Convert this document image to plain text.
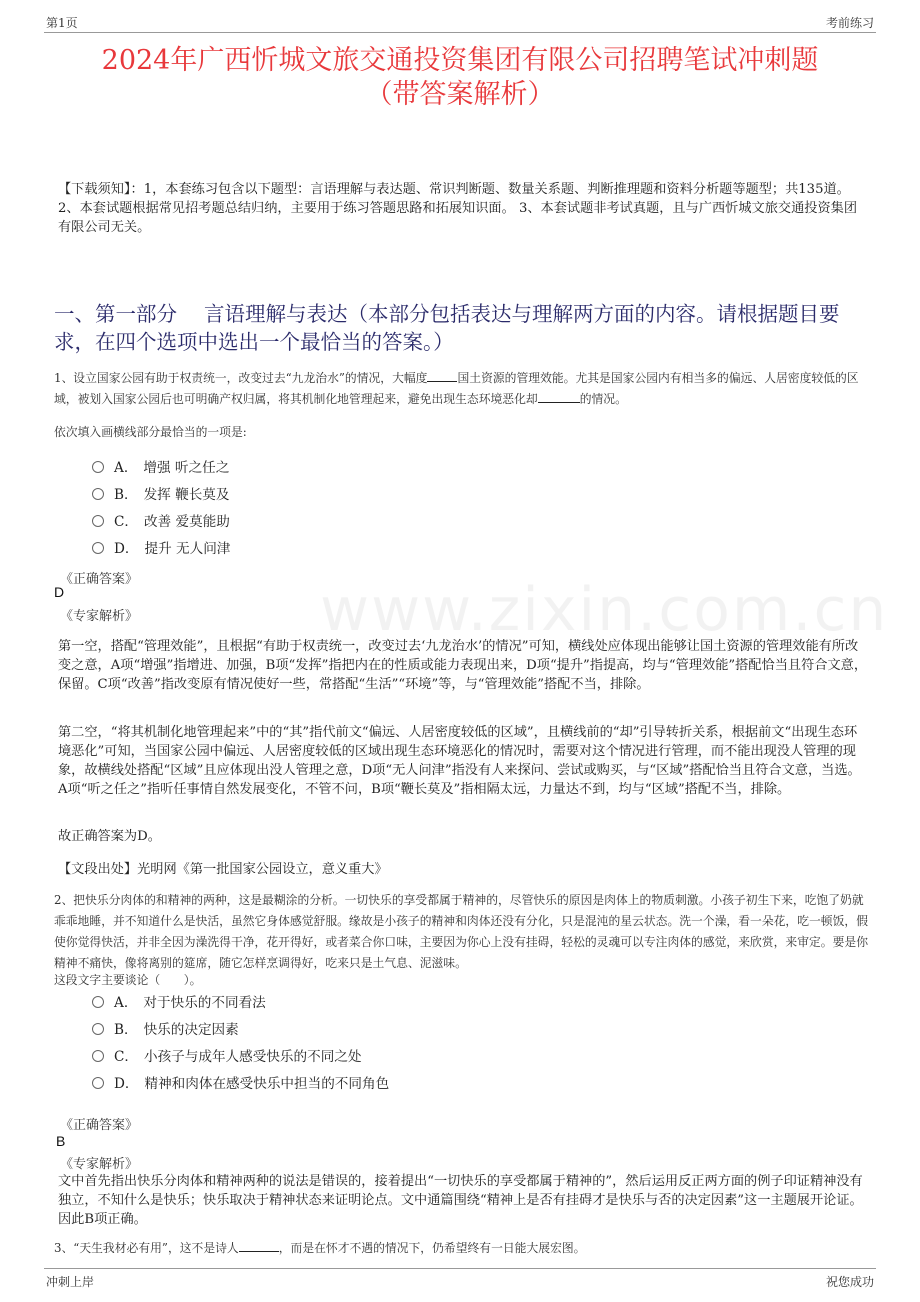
第1页	考前练习
www.zixin.com.cn
2024年广西忻城文旅交通投资集团有限公司招聘笔试冲刺题
（带答案解析）
【下载须知】：1，本套练习包含以下题型：言语理解与表达题、常识判断题、数量关系题、判断推理题和资料分析题等题型；共135道。 2、本套试题根据常见招考题总结归纳，主要用于练习答题思路和拓展知识面。 3、本套试题非考试真题，且与广西忻城文旅交通投资集团有限公司无关。
一、第一部分　 言语理解与表达（本部分包括表达与理解两方面的内容。请根据题目要求，在四个选项中选出一个最恰当的答案。）
1、设立国家公园有助于权责统一，改变过去“九龙治水”的情况，大幅度	国土资源的管理效能。尤其是国家公园内有相当多的偏远、人居密度较低的区域，被划入国家公园后也可明确产权归属，将其机制化地管理起来，避免出现生态环境恶化却	的情况。
依次填入画横线部分最恰当的一项是:
A． 增强 听之任之
B． 发挥 鞭长莫及
C． 改善 爱莫能助
D． 提升 无人问津
《正确答案》
D
《专家解析》
第一空，搭配“管理效能”，且根据“有助于权责统一，改变过去‘九龙治水’的情况”可知，横线处应体现出能够让国土资源的管理效能有所改变之意，A项“增强”指增进、加强，B项“发挥”指把内在的性质或能力表现出来，D项“提升”指提高，均与“管理效能”搭配恰当且符合文意，保留。C项“改善”指改变原有情况使好一些，常搭配“生活”“环境”等，与“管理效能”搭配不当，排除。
第二空，“将其机制化地管理起来”中的“其”指代前文“偏远、人居密度较低的区域”，且横线前的“却”引导转折关系，根据前文“出现生态环境恶化”可知，当国家公园中偏远、人居密度较低的区域出现生态环境恶化的情况时，需要对这个情况进行管理，而不能出现没人管理的现象，故横线处搭配“区域”且应体现出没人管理之意，D项“无人问津”指没有人来探问、尝试或购买，与“区域”搭配恰当且符合文意，当选。A项“听之任之”指听任事情自然发展变化，不管不问，B项“鞭长莫及”指相隔太远，力量达不到，均与“区域”搭配不当，排除。
故正确答案为D。
【文段出处】光明网《第一批国家公园设立，意义重大》
2、把快乐分肉体的和精神的两种，这是最糊涂的分析。一切快乐的享受都属于精神的，尽管快乐的原因是肉体上的物质刺激。小孩子初生下来，吃饱了奶就乖乖地睡，并不知道什么是快活，虽然它身体感觉舒服。缘故是小孩子的精神和肉体还没有分化，只是混沌的星云状态。洗一个澡，看一朵花，吃一顿饭，假使你觉得快活，并非全因为澡洗得干净，花开得好，或者菜合你口味，主要因为你心上没有挂碍，轻松的灵魂可以专注肉体的感觉，来欣赏，来审定。要是你精神不痛快，像将离别的筵席，随它怎样烹调得好，吃来只是土气息、泥滋味。
这段文字主要谈论（　　）。
A． 对于快乐的不同看法
B． 快乐的决定因素
C． 小孩子与成年人感受快乐的不同之处
D． 精神和肉体在感受快乐中担当的不同角色
《正确答案》
B
《专家解析》
文中首先指出快乐分肉体和精神两种的说法是错误的，接着提出“一切快乐的享受都属于精神的”，然后运用反正两方面的例子印证精神没有独立，不知什么是快乐；快乐取决于精神状态来证明论点。文中通篇围绕“精神上是否有挂碍才是快乐与否的决定因素”这一主题展开论证。因此B项正确。
3、“天生我材必有用”，这不是诗人	，而是在怀才不遇的情况下，仍希望终有一日能大展宏图。
冲刺上岸	祝您成功
